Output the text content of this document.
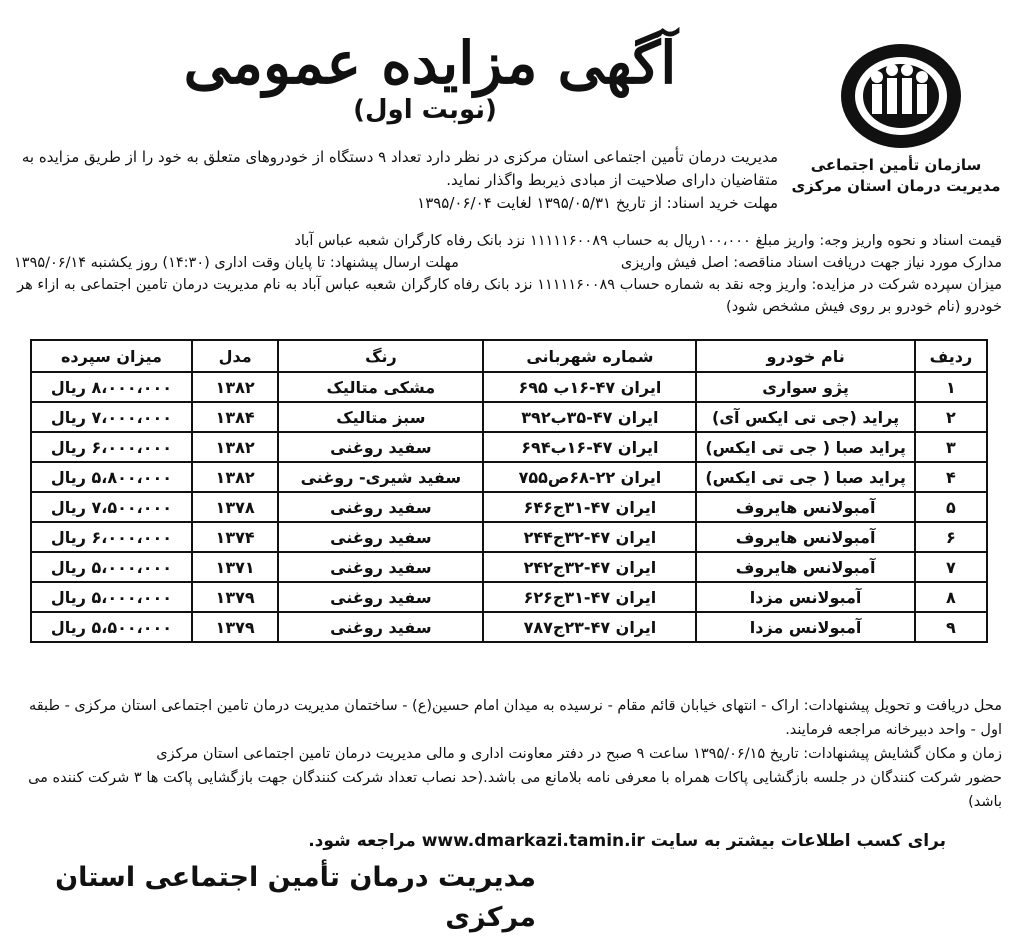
سازمان تأمین اجتماعی
مدیریت درمان استان مرکزی
آگهی مزایده عمومی
(نوبت اول)
مدیریت درمان تأمین اجتماعی استان مرکزی در نظر دارد تعداد ۹ دستگاه از خودروهای متعلق به خود را از طریق مزایده به متقاضیان دارای صلاحیت از مبادی ذیربط واگذار نماید.
مهلت خرید اسناد: از تاریخ ۱۳۹۵/۰۵/۳۱ لغایت ۱۳۹۵/۰۶/۰۴

قیمت اسناد و نحوه واریز وجه: واریز مبلغ ۱۰۰،۰۰۰ریال به حساب ۱۱۱۱۱۶۰۰۸۹ نزد بانک رفاه کارگران شعبه عباس آباد

مدارک مورد نیاز جهت دریافت اسناد مناقصه: اصل فیش واریزی
مهلت ارسال پیشنهاد: تا پایان وقت اداری (۱۴:۳۰) روز یکشنبه ۱۳۹۵/۰۶/۱۴

میزان سپرده شرکت در مزایده: واریز وجه نقد به شماره حساب ۱۱۱۱۱۶۰۰۸۹ نزد بانک رفاه کارگران شعبه عباس آباد به نام مدیریت درمان تامین اجتماعی به ازاء هر خودرو (نام خودرو بر روی فیش مشخص شود)

ردیف	نام خودرو	شماره شهربانی	رنگ	مدل	میزان سپرده
۱	پژو سواری	ایران ۴۷-۱۶ب ۶۹۵	مشکی متالیک	۱۳۸۲	۸،۰۰۰،۰۰۰ ریال
۲	پراید (جی تی ایکس آی)	ایران ۴۷-۳۵ب۳۹۲	سبز متالیک	۱۳۸۴	۷،۰۰۰،۰۰۰ ریال
۳	پراید صبا ( جی تی ایکس)	ایران ۴۷-۱۶ب۶۹۴	سفید روغنی	۱۳۸۲	۶،۰۰۰،۰۰۰ ریال
۴	پراید صبا ( جی تی ایکس)	ایران ۲۲-۶۸ص۷۵۵	سفید شیری- روغنی	۱۳۸۲	۵،۸۰۰،۰۰۰ ریال
۵	آمبولانس هایروف	ایران ۴۷-۳۱ج۶۴۶	سفید روغنی	۱۳۷۸	۷،۵۰۰،۰۰۰ ریال
۶	آمبولانس هایروف	ایران ۴۷-۳۲ج۲۴۴	سفید روغنی	۱۳۷۴	۶،۰۰۰،۰۰۰ ریال
۷	آمبولانس هایروف	ایران ۴۷-۳۲ج۲۴۲	سفید روغنی	۱۳۷۱	۵،۰۰۰،۰۰۰ ریال
۸	آمبولانس مزدا	ایران ۴۷-۳۱ج۶۲۶	سفید روغنی	۱۳۷۹	۵،۰۰۰،۰۰۰ ریال
۹	آمبولانس مزدا	ایران ۴۷-۲۳ج۷۸۷	سفید روغنی	۱۳۷۹	۵،۵۰۰،۰۰۰ ریال

محل دریافت و تحویل پیشنهادات: اراک - انتهای خیابان قائم مقام - نرسیده به میدان امام حسین(ع) - ساختمان مدیریت درمان تامین اجتماعی استان مرکزی - طبقه اول - واحد دبیرخانه مراجعه فرمایند.

زمان و مکان گشایش پیشنهادات: تاریخ ۱۳۹۵/۰۶/۱۵ ساعت ۹ صبح در دفتر معاونت اداری و مالی مدیریت درمان تامین اجتماعی استان مرکزی

حضور شرکت کنندگان در جلسه بازگشایی پاکات همراه با معرفی نامه بلامانع می باشد.(حد نصاب تعداد شرکت کنندگان جهت بازگشایی پاکت ها ۳ شرکت کننده می باشد)

برای کسب اطلاعات بیشتر به سایت www.dmarkazi.tamin.ir مراجعه شود.
مدیریت درمان تأمین اجتماعی استان مرکزی
